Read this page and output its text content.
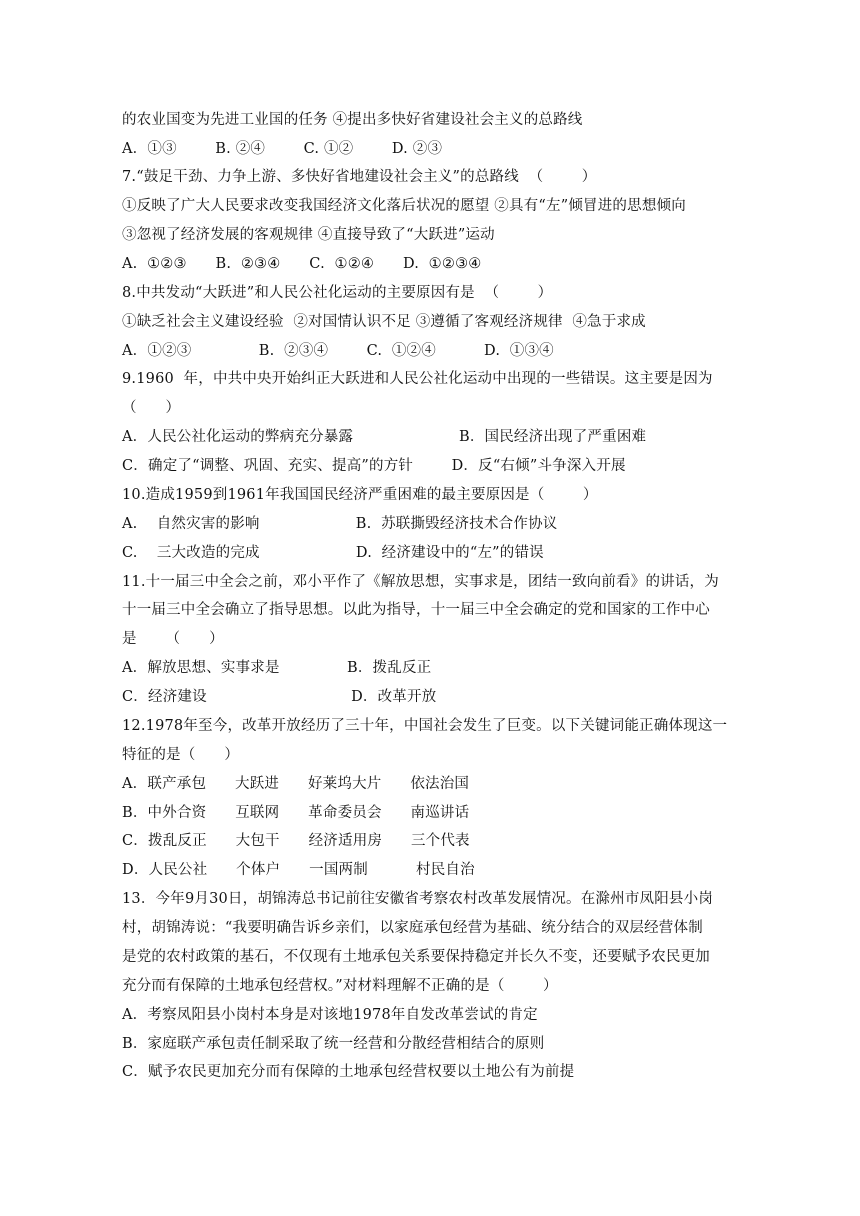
的农业国变为先进工业国的任务 ④提出多快好省建设社会主义的总路线
A．①③        B. ②④        C. ①②        D. ②③
7.“鼓足干劲、力争上游、多快好省地建设社会主义”的总路线  （        ）
①反映了广大人民要求改变我国经济文化落后状况的愿望 ②具有“左”倾冒进的思想倾向
③忽视了经济发展的客观规律 ④直接导致了“大跃进”运动
A.  ①②③      B.  ②③④      C.  ①②④      D.  ①②③④
8.中共发动“大跃进”和人民公社化运动的主要原因有是  （        ）
①缺乏社会主义建设经验  ②对国情认识不足 ③遵循了客观经济规律  ④急于求成
A．①②③              B.  ②③④        C.  ①②④          D.  ①③④
9.1960  年，中共中央开始纠正大跃进和人民公社化运动中出现的一些错误。这主要是因为
（      ）
A．人民公社化运动的弊病充分暴露                      B．国民经济出现了严重困难
C．确定了“调整、巩固、充实、提高”的方针        D．反“右倾”斗争深入开展
10.造成1959到1961年我国国民经济严重困难的最主要原因是（        ）
A.    自然灾害的影响                    B.  苏联撕毁经济技术合作协议
C.    三大改造的完成                    D.  经济建设中的“左”的错误
11.十一届三中全会之前，邓小平作了《解放思想，实事求是，团结一致向前看》的讲话，为
十一届三中全会确立了指导思想。以此为指导，十一届三中全会确定的党和国家的工作中心
是      （      ）
A．解放思想、实事求是              B．拨乱反正
C．经济建设                              D．改革开放
12.1978年至今，改革开放经历了三十年，中国社会发生了巨变。以下关键词能正确体现这一
特征的是（      ）
A．联产承包      大跃进      好莱坞大片      依法治国
B．中外合资      互联网      革命委员会      南巡讲话
C．拨乱反正      大包干      经济适用房      三个代表
D．人民公社      个体户      一国两制          村民自治
13．今年9月30日，胡锦涛总书记前往安徽省考察农村改革发展情况。在滁州市凤阳县小岗
村，胡锦涛说：“我要明确告诉乡亲们，以家庭承包经营为基础、统分结合的双层经营体制
是党的农村政策的基石，不仅现有土地承包关系要保持稳定并长久不变，还要赋予农民更加
充分而有保障的土地承包经营权。”对材料理解不正确的是（        ）
A．考察凤阳县小岗村本身是对该地1978年自发改革尝试的肯定
B．家庭联产承包责任制采取了统一经营和分散经营相结合的原则
C．赋予农民更加充分而有保障的土地承包经营权要以土地公有为前提
